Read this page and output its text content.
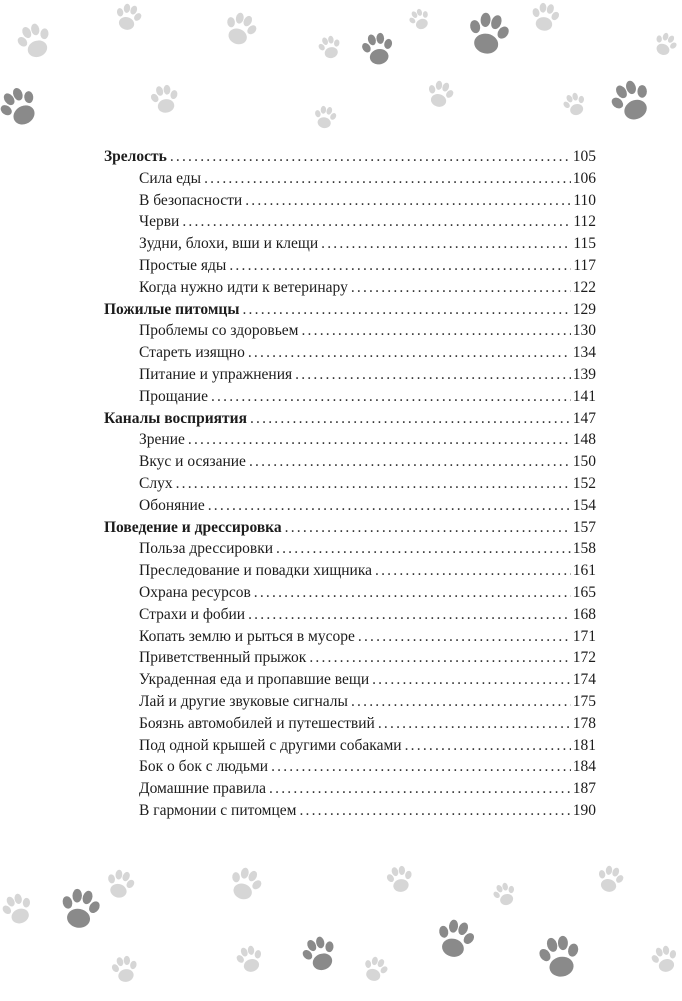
Зрелость .....	105
Сила еды .....	106
В безопасности .....	110
Черви .....	112
Зудни, блохи, вши и клещи .....	115
Простые яды .....	117
Когда нужно идти к ветеринару .....	122
Пожилые питомцы .....	129
Проблемы со здоровьем .....	130
Стареть изящно .....	134
Питание и упражнения .....	139
Прощание .....	141
Каналы восприятия .....	147
Зрение .....	148
Вкус и осязание .....	150
Слух .....	152
Обоняние .....	154
Поведение и дрессировка .....	157
Польза дрессировки .....	158
Преследование и повадки хищника .....	161
Охрана ресурсов .....	165
Страхи и фобии .....	168
Копать землю и рыться в мусоре .....	171
Приветственный прыжок .....	172
Украденная еда и пропавшие вещи .....	174
Лай и другие звуковые сигналы .....	175
Боязнь автомобилей и путешествий .....	178
Под одной крышей с другими собаками .....	181
Бок о бок с людьми .....	184
Домашние правила .....	187
В гармонии с питомцем .....	190
